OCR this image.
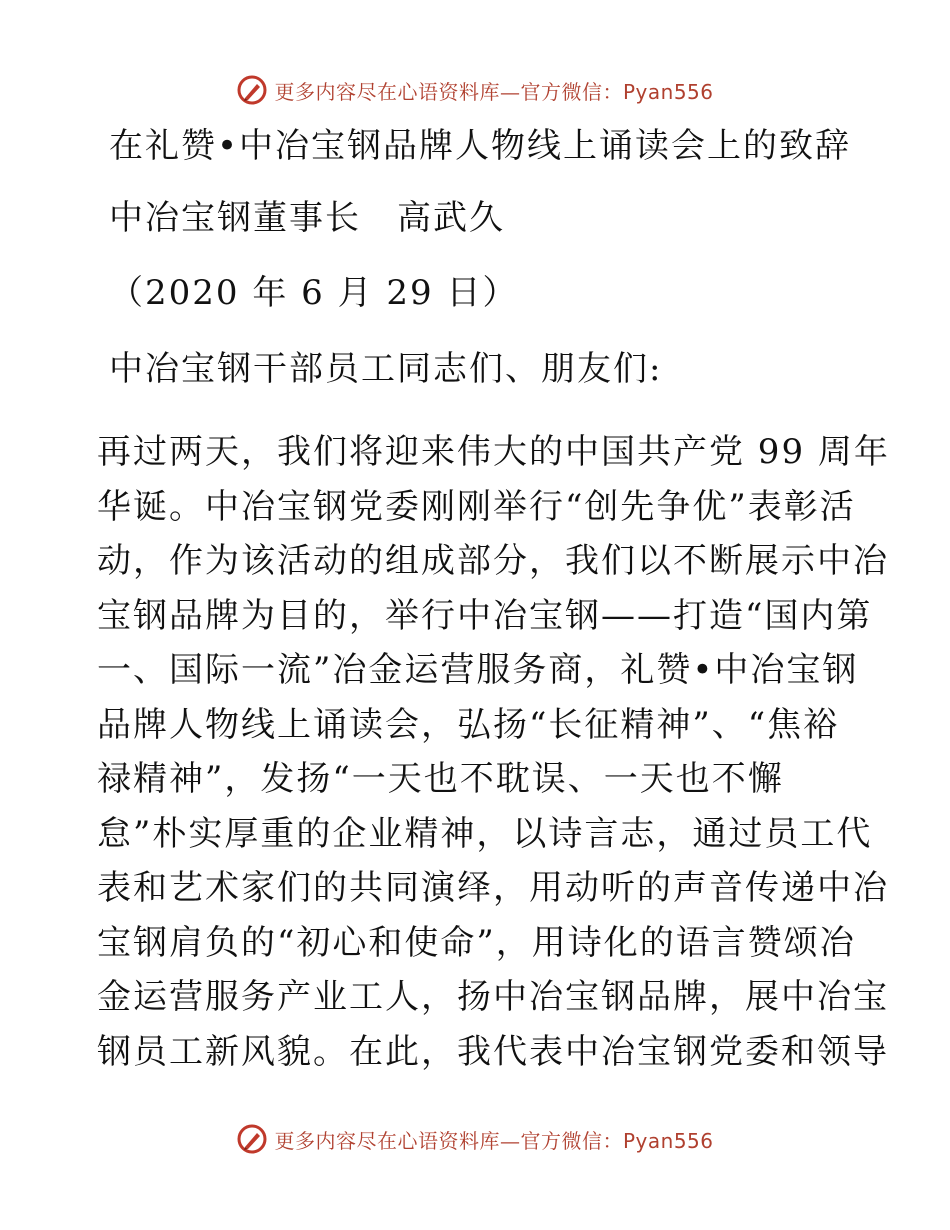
更多内容尽在心语资料库—官方微信：Pyan556
在礼赞•中冶宝钢品牌人物线上诵读会上的致辞
中冶宝钢董事长　高武久
（2020 年 6 月 29 日）
中冶宝钢干部员工同志们、朋友们:
再过两天，我们将迎来伟大的中国共产党 99 周年
华诞。中冶宝钢党委刚刚举行“创先争优”表彰活
动，作为该活动的组成部分，我们以不断展示中冶
宝钢品牌为目的，举行中冶宝钢——打造“国内第
一、国际一流”冶金运营服务商，礼赞•中冶宝钢
品牌人物线上诵读会，弘扬“长征精神”、“焦裕
禄精神”，发扬“一天也不耽误、一天也不懈
怠”朴实厚重的企业精神，以诗言志，通过员工代
表和艺术家们的共同演绎，用动听的声音传递中冶
宝钢肩负的“初心和使命”，用诗化的语言赞颂冶
金运营服务产业工人，扬中冶宝钢品牌，展中冶宝
钢员工新风貌。在此，我代表中冶宝钢党委和领导
更多内容尽在心语资料库—官方微信：Pyan556
